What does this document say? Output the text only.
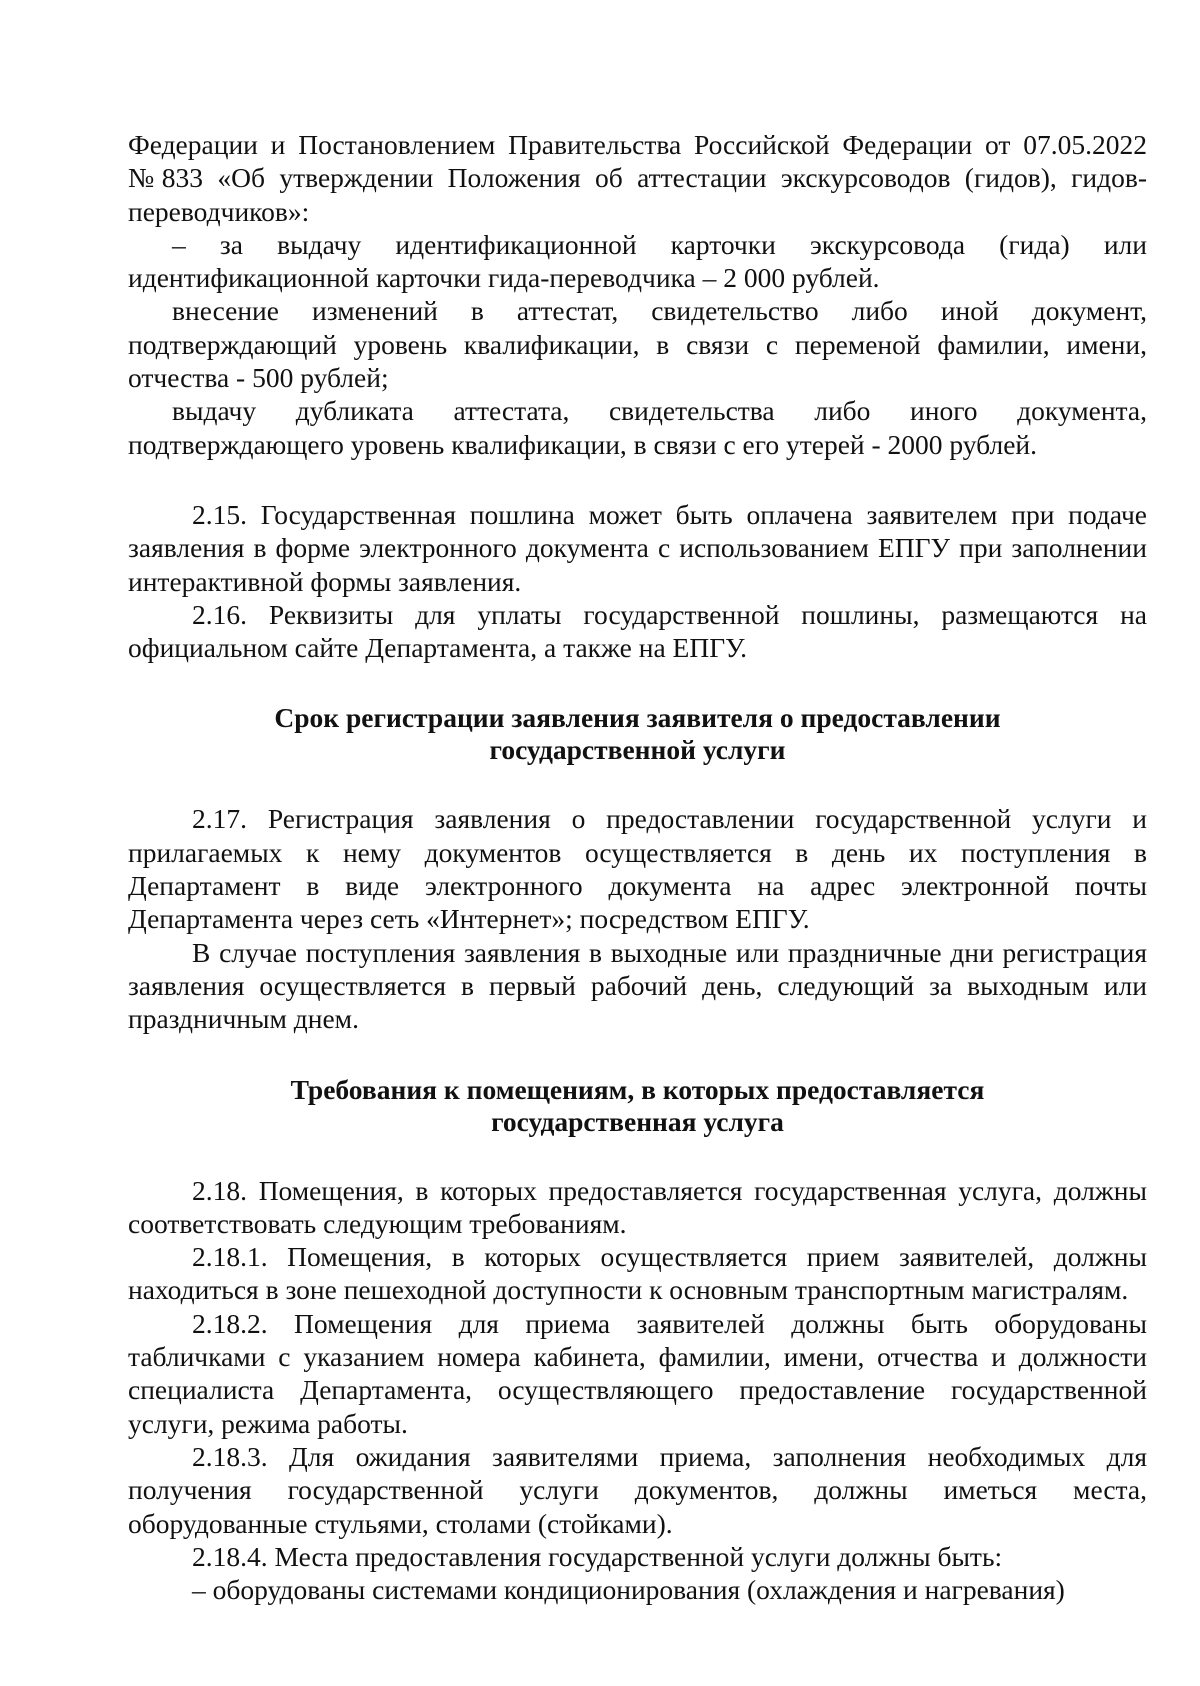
Федерации и Постановлением Правительства Российской Федерации от 07.05.2022 №833 «Об утверждении Положения об аттестации экскурсоводов (гидов), гидов-переводчиков»:

– за выдачу идентификационной карточки экскурсовода (гида) или идентификационной карточки гида-переводчика – 2 000 рублей.

внесение изменений в аттестат, свидетельство либо иной документ, подтверждающий уровень квалификации, в связи с переменой фамилии, имени, отчества - 500 рублей;

выдачу дубликата аттестата, свидетельства либо иного документа, подтверждающего уровень квалификации, в связи с его утерей - 2000 рублей.

2.15. Государственная пошлина может быть оплачена заявителем при подаче заявления в форме электронного документа с использованием ЕПГУ при заполнении интерактивной формы заявления.

2.16. Реквизиты для уплаты государственной пошлины, размещаются на официальном сайте Департамента, а также на ЕПГУ.

Срок регистрации заявления заявителя о предоставлении
государственной услуги

2.17. Регистрация заявления о предоставлении государственной услуги и прилагаемых к нему документов осуществляется в день их поступления в Департамент в виде электронного документа на адрес электронной почты Департамента через сеть «Интернет»; посредством ЕПГУ.

В случае поступления заявления в выходные или праздничные дни регистрация заявления осуществляется в первый рабочий день, следующий за выходным или праздничным днем.

Требования к помещениям, в которых предоставляется
государственная услуга

2.18. Помещения, в которых предоставляется государственная услуга, должны соответствовать следующим требованиям.

2.18.1. Помещения, в которых осуществляется прием заявителей, должны находиться в зоне пешеходной доступности к основным транспортным магистралям.

2.18.2. Помещения для приема заявителей должны быть оборудованы табличками с указанием номера кабинета, фамилии, имени, отчества и должности специалиста Департамента, осуществляющего предоставление государственной услуги, режима работы.

2.18.3. Для ожидания заявителями приема, заполнения необходимых для получения государственной услуги документов, должны иметься места, оборудованные стульями, столами (стойками).

2.18.4. Места предоставления государственной услуги должны быть:

– оборудованы системами кондиционирования (охлаждения и нагревания)
